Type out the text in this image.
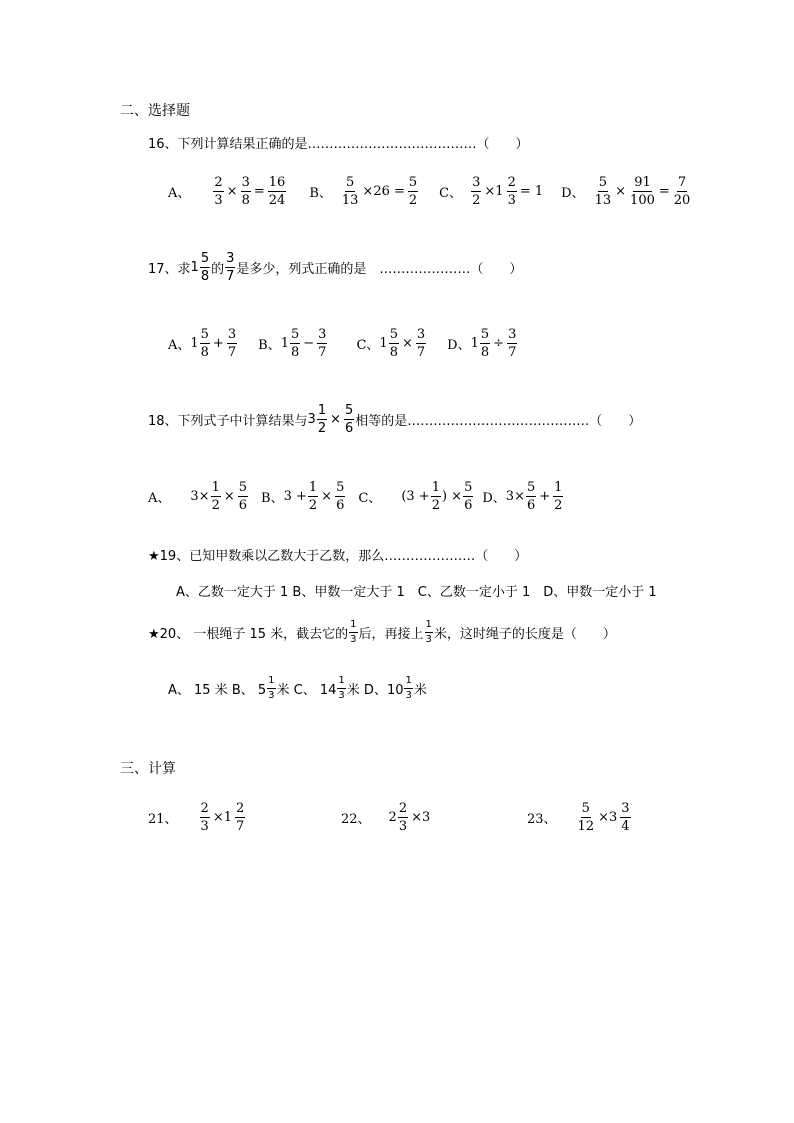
二、选择题
16、下列计算结果正确的是…………………………………（　　）
A、 $\frac{2}{3} \times \frac{3}{8} = \frac{16}{24}$ B、 $\frac{5}{13} \times 26 = \frac{5}{2}$ C、 $\frac{3}{2} \times 1 \frac{2}{3} = 1$ D、 $\frac{5}{13} \times \frac{91}{100} = \frac{7}{20}$
17、求 $1 \frac{5}{8}$ 的 $\frac{3}{7}$ 是多少，列式正确的是　…………………（　　）
A、 $1 \frac{5}{8} + \frac{3}{7}$ B、 $1 \frac{5}{8} - \frac{3}{7}$ C、 $1 \frac{5}{8} \times \frac{3}{7}$ D、 $1 \frac{5}{8} \div \frac{3}{7}$
18、下列式子中计算结果与 $3 \frac{1}{2} \times \frac{5}{6}$ 相等的是……………………………………（　　）
A、 $3\times \frac{1}{2} \times \frac{5}{6}$ B、 $3 + \frac{1}{2} \times \frac{5}{6}$ C、 ($3 + \frac{1}{2}$ ) × $\frac{5}{6}$ D、 $3\times \frac{5}{6} + \frac{1}{2}$
★19、已知甲数乘以乙数大于乙数，那么…………………（　　）
A、乙数一定大于 1 B、甲数一定大于 1　C、乙数一定小于 1　D、甲数一定小于 1
★20、 一根绳子 15 米，截去它的 $\frac{1}{3}$ 后，再接上 $\frac{1}{3}$ 米，这时绳子的长度是（　　）
A、 15 米 B、 $5 \frac{1}{3}$ 米 C、 $14 \frac{1}{3}$ 米 D、$10 \frac{1}{3}$ 米
三、计算
21、 $\frac{2}{3} \times 1 \frac{2}{7}$	22、 $2 \frac{2}{3} \times 3$	23、 $\frac{5}{12} \times 3 \frac{3}{4}$
